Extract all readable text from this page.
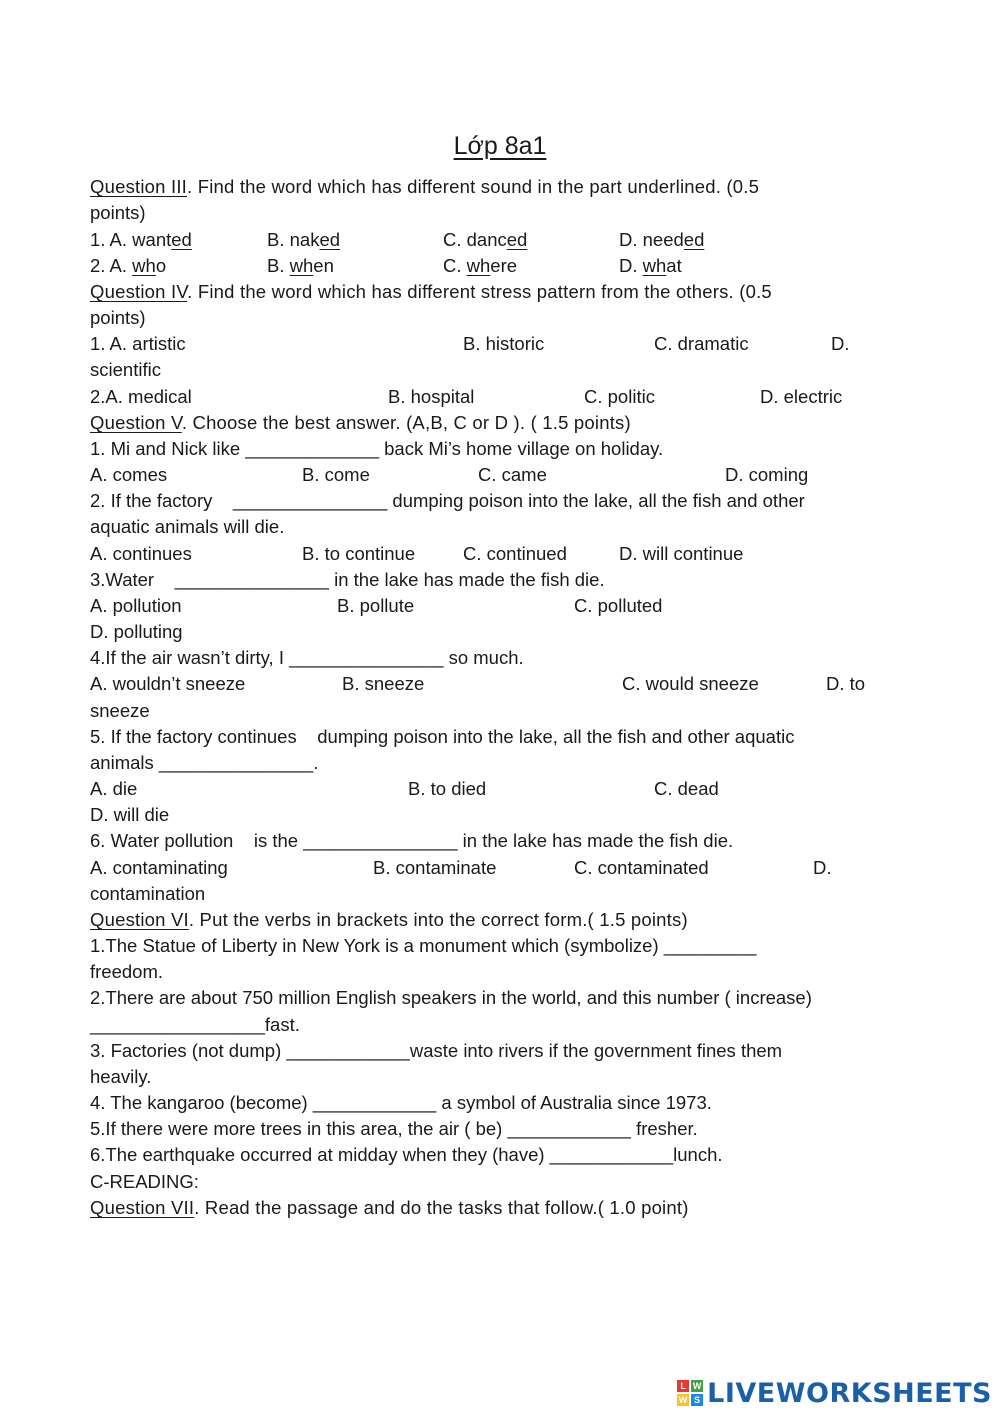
Lớp 8a1
Question III. Find the word which has different sound in the part underlined. (0.5
points)
1. A. wanted	B. naked	C. danced	D. needed
2. A. who	B. when	C. where	D. what
Question IV. Find the word which has different stress pattern from the others. (0.5
points)
1. A. artistic	B. historic	C. dramatic	D.
scientific
2.A. medical	B. hospital	C. politic	D. electric
Question V. Choose the best answer. (A,B, C or D ). ( 1.5 points)
1. Mi and Nick like _____________ back Mi’s home village on holiday.
A. comes	B. come	C. came	D. coming
2. If the factory    _______________ dumping poison into the lake, all the fish and other
aquatic animals will die.
A. continues	B. to continue	C. continued	D. will continue
3.Water    _______________ in the lake has made the fish die.
A. pollution	B. pollute	C. polluted
D. polluting
4.If the air wasn’t dirty, I _______________ so much.
A. wouldn’t sneeze	B. sneeze	C. would sneeze	D. to
sneeze
5. If the factory continues    dumping poison into the lake, all the fish and other aquatic
animals _______________.
A. die	B. to died	C. dead
D. will die
6. Water pollution    is the _______________ in the lake has made the fish die.
A. contaminating	B. contaminate	C. contaminated	D.
contamination
Question VI. Put the verbs in brackets into the correct form.( 1.5 points)
1.The Statue of Liberty in New York is a monument which (symbolize) _________
freedom.
2.There are about 750 million English speakers in the world, and this number ( increase)
_________________fast.
3. Factories (not dump) ____________waste into rivers if the government fines them
heavily.
4. The kangaroo (become) ____________ a symbol of Australia since 1973.
5.If there were more trees in this area, the air ( be) ____________ fresher.
6.The earthquake occurred at midday when they (have) ____________lunch.
C-READING:
Question VII. Read the passage and do the tasks that follow.( 1.0 point)
L W
W S LIVEWORKSHEETS
